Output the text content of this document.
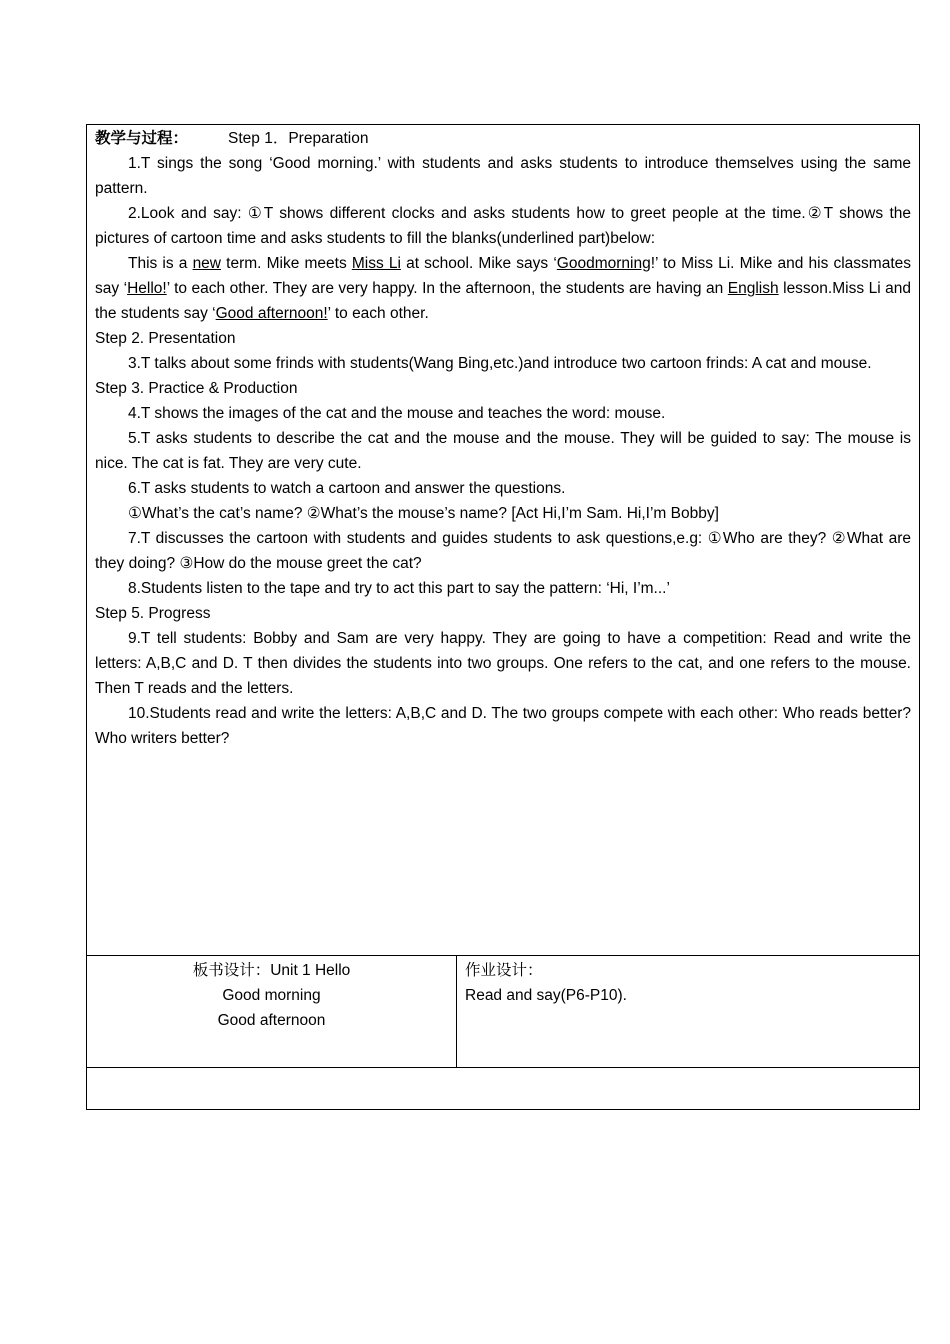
教学与过程：	Step 1．Preparation

1.T sings the song ‘Good morning.’ with students and asks students to introduce themselves using the same pattern.

2.Look and say: ①T shows different clocks and asks students how to greet people at the time.②T shows the pictures of cartoon time and asks students to fill the blanks(underlined part)below:

This is a new term. Mike meets Miss Li at school. Mike says ‘Goodmorning!’ to Miss Li. Mike and his classmates say ‘Hello!’ to each other. They are very happy. In the afternoon, the students are having an English lesson.Miss Li and the students say ‘Good afternoon!’ to each other.

Step 2. Presentation

3.T talks about some frinds with students(Wang Bing,etc.)and introduce two cartoon frinds: A cat and mouse.

Step 3. Practice & Production

4.T shows the images of the cat and the mouse and teaches the word: mouse.

5.T asks students to describe the cat and the mouse and the mouse. They will be guided to say: The mouse is nice. The cat is fat. They are very cute.

6.T asks students to watch a cartoon and answer the questions.

①What’s the cat’s name? ②What’s the mouse’s name? [Act Hi,I’m Sam. Hi,I’m Bobby]

7.T discusses the cartoon with students and guides students to ask questions,e.g: ①Who are they? ②What are they doing? ③How do the mouse greet the cat?

8.Students listen to the tape and try to act this part to say the pattern: ‘Hi, I’m...’

Step 5. Progress

9.T tell students: Bobby and Sam are very happy. They are going to have a competition: Read and write the letters: A,B,C and D. T then divides the students into two groups. One refers to the cat, and one refers to the mouse. Then T reads and the letters.

10.Students read and write the letters: A,B,C and D. The two groups compete with each other: Who reads better? Who writers better?

板书设计：Unit 1 Hello

Good morning

Good afternoon

作业设计：

Read and say(P6-P10).
